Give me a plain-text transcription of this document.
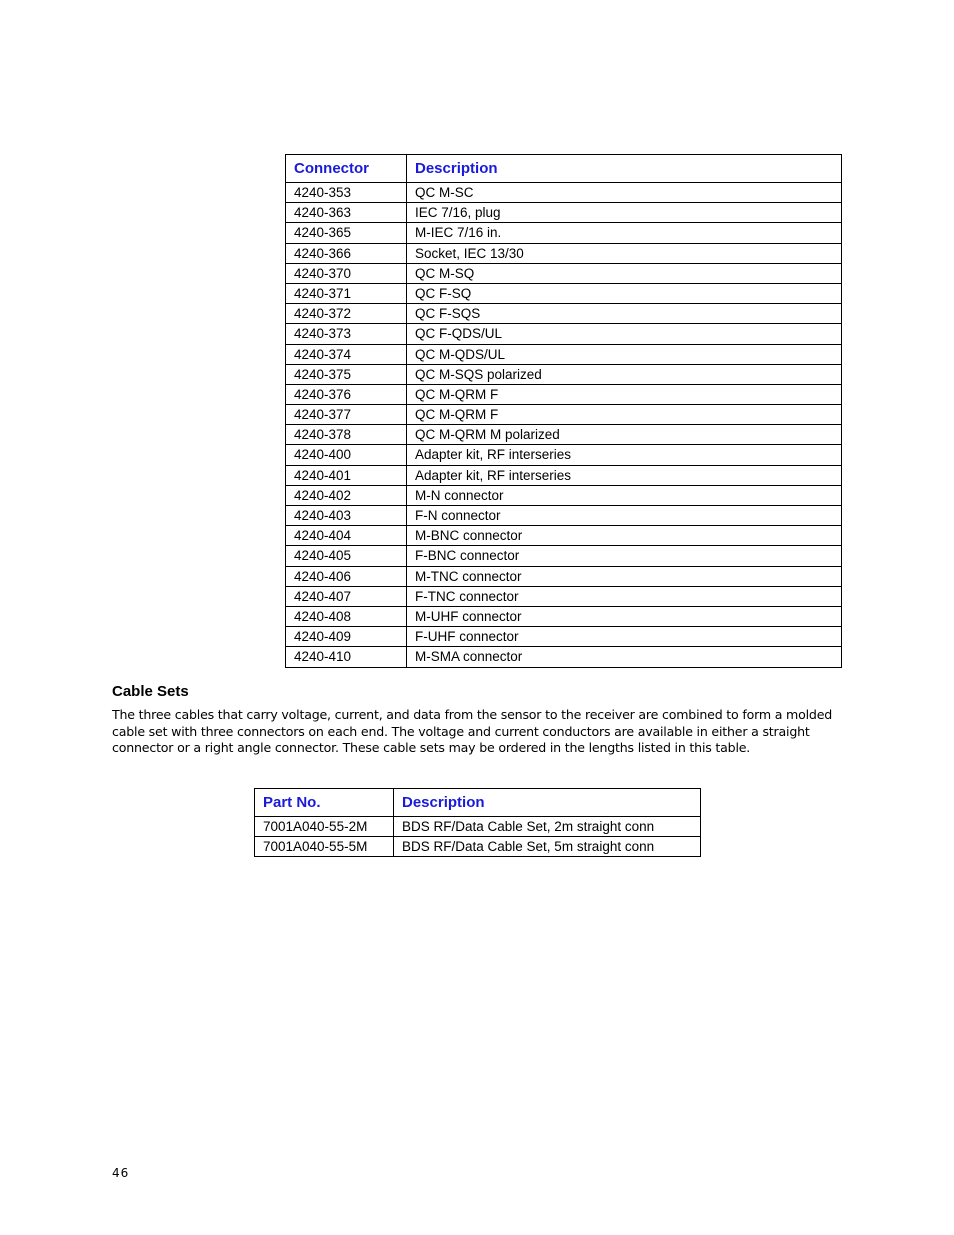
Connector	Description
4240-353	QC M-SC
4240-363	IEC 7/16, plug
4240-365	M-IEC 7/16 in.
4240-366	Socket, IEC 13/30
4240-370	QC M-SQ
4240-371	QC F-SQ
4240-372	QC F-SQS
4240-373	QC F-QDS/UL
4240-374	QC M-QDS/UL
4240-375	QC M-SQS polarized
4240-376	QC M-QRM F
4240-377	QC M-QRM F
4240-378	QC M-QRM M polarized
4240-400	Adapter kit, RF interseries
4240-401	Adapter kit, RF interseries
4240-402	M-N connector
4240-403	F-N connector
4240-404	M-BNC connector
4240-405	F-BNC connector
4240-406	M-TNC connector
4240-407	F-TNC connector
4240-408	M-UHF connector
4240-409	F-UHF connector
4240-410	M-SMA connector
Cable Sets
The three cables that carry voltage, current, and data from the sensor to the receiver are combined to form a molded cable set with three connectors on each end. The voltage and current conductors are available in either a straight connector or a right angle connector. These cable sets may be ordered in the lengths listed in this table.
Part No.	Description
7001A040-55-2M	BDS RF/Data Cable Set, 2m straight conn
7001A040-55-5M	BDS RF/Data Cable Set, 5m straight conn
46
